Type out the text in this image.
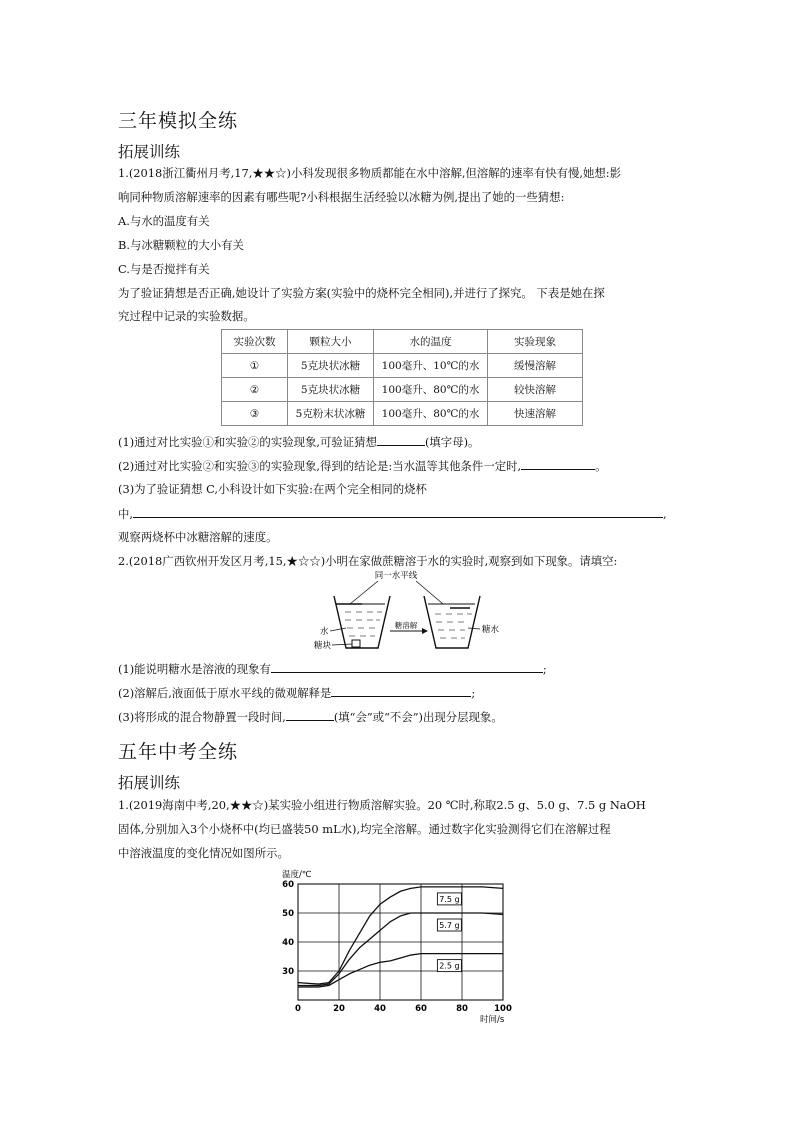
三年模拟全练
拓展训练
1.(2018浙江衢州月考,17,★★☆)小科发现很多物质都能在水中溶解,但溶解的速率有快有慢,她想:影
响同种物质溶解速率的因素有哪些呢?小科根据生活经验以冰糖为例,提出了她的一些猜想:
A.与水的温度有关
B.与冰糖颗粒的大小有关
C.与是否搅拌有关
为了验证猜想是否正确,她设计了实验方案(实验中的烧杯完全相同),并进行了探究。 下表是她在探
究过程中记录的实验数据。
实验次数	颗粒大小	水的温度	实验现象
①	5克块状冰糖	100毫升、10℃的水	缓慢溶解
②	5克块状冰糖	100毫升、80℃的水	较快溶解
③	5克粉末状冰糖	100毫升、80℃的水	快速溶解
(1)通过对比实验①和实验②的实验现象,可验证猜想	(填字母)。
(2)通过对比实验②和实验③的实验现象,得到的结论是:当水温等其他条件一定时,	。
(3)为了验证猜想 C,小科设计如下实验:在两个完全相同的烧杯
中,	,
观察两烧杯中冰糖溶解的速度。
2.(2018广西钦州开发区月考,15,★☆☆)小明在家做蔗糖溶于水的实验时,观察到如下现象。请填空:
同一水平线
水
糖块
糖溶解	糖水
(1)能说明糖水是溶液的现象有	;
(2)溶解后,液面低于原水平线的微观解释是	;
(3)将形成的混合物静置一段时间,	(填“会”或“不会”)出现分层现象。
五年中考全练
拓展训练
1.(2019海南中考,20,★★☆)某实验小组进行物质溶解实验。20 ℃时,称取2.5 g、5.0 g、7.5 g NaOH
固体,分别加入3个小烧杯中(均已盛装50 mL水),均完全溶解。通过数字化实验测得它们在溶解过程
中溶液温度的变化情况如图所示。
7.5 g
5.7 g
2.5 g
0	20	40	60	80	100
30
40
50
60
温度/℃
时间/s
